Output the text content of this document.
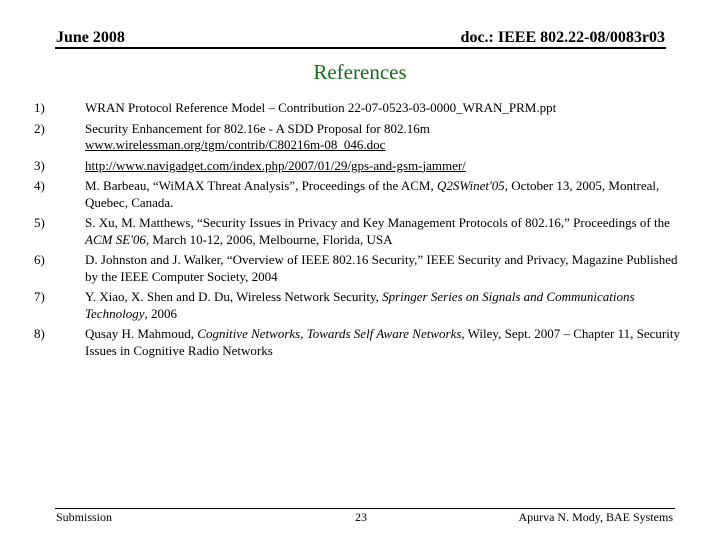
June 2008	doc.: IEEE 802.22-08/0083r03
References
1)	WRAN Protocol Reference Model – Contribution 22-07-0523-03-0000_WRAN_PRM.ppt
2)	Security Enhancement for 802.16e - A SDD Proposal for 802.16m
www.wirelessman.org/tgm/contrib/C80216m-08_046.doc
3)	http://www.navigadget.com/index.php/2007/01/29/gps-and-gsm-jammer/
4)	M. Barbeau, “WiMAX Threat Analysis”, Proceedings of the ACM, Q2SWinet'05, October 13, 2005, Montreal, Quebec, Canada.
5)	S. Xu, M. Matthews, “Security Issues in Privacy and Key Management Protocols of 802.16,” Proceedings of the ACM SE'06, March 10-12, 2006, Melbourne, Florida, USA
6)	D. Johnston and J. Walker, “Overview of IEEE 802.16 Security,” IEEE Security and Privacy, Magazine Published by the IEEE Computer Society, 2004
7)	Y. Xiao, X. Shen and D. Du, Wireless Network Security, Springer Series on Signals and Communications Technology, 2006
8)	Qusay H. Mahmoud, Cognitive Networks, Towards Self Aware Networks, Wiley, Sept. 2007 – Chapter 11, Security Issues in Cognitive Radio Networks
Submission	23	Apurva N. Mody, BAE Systems
